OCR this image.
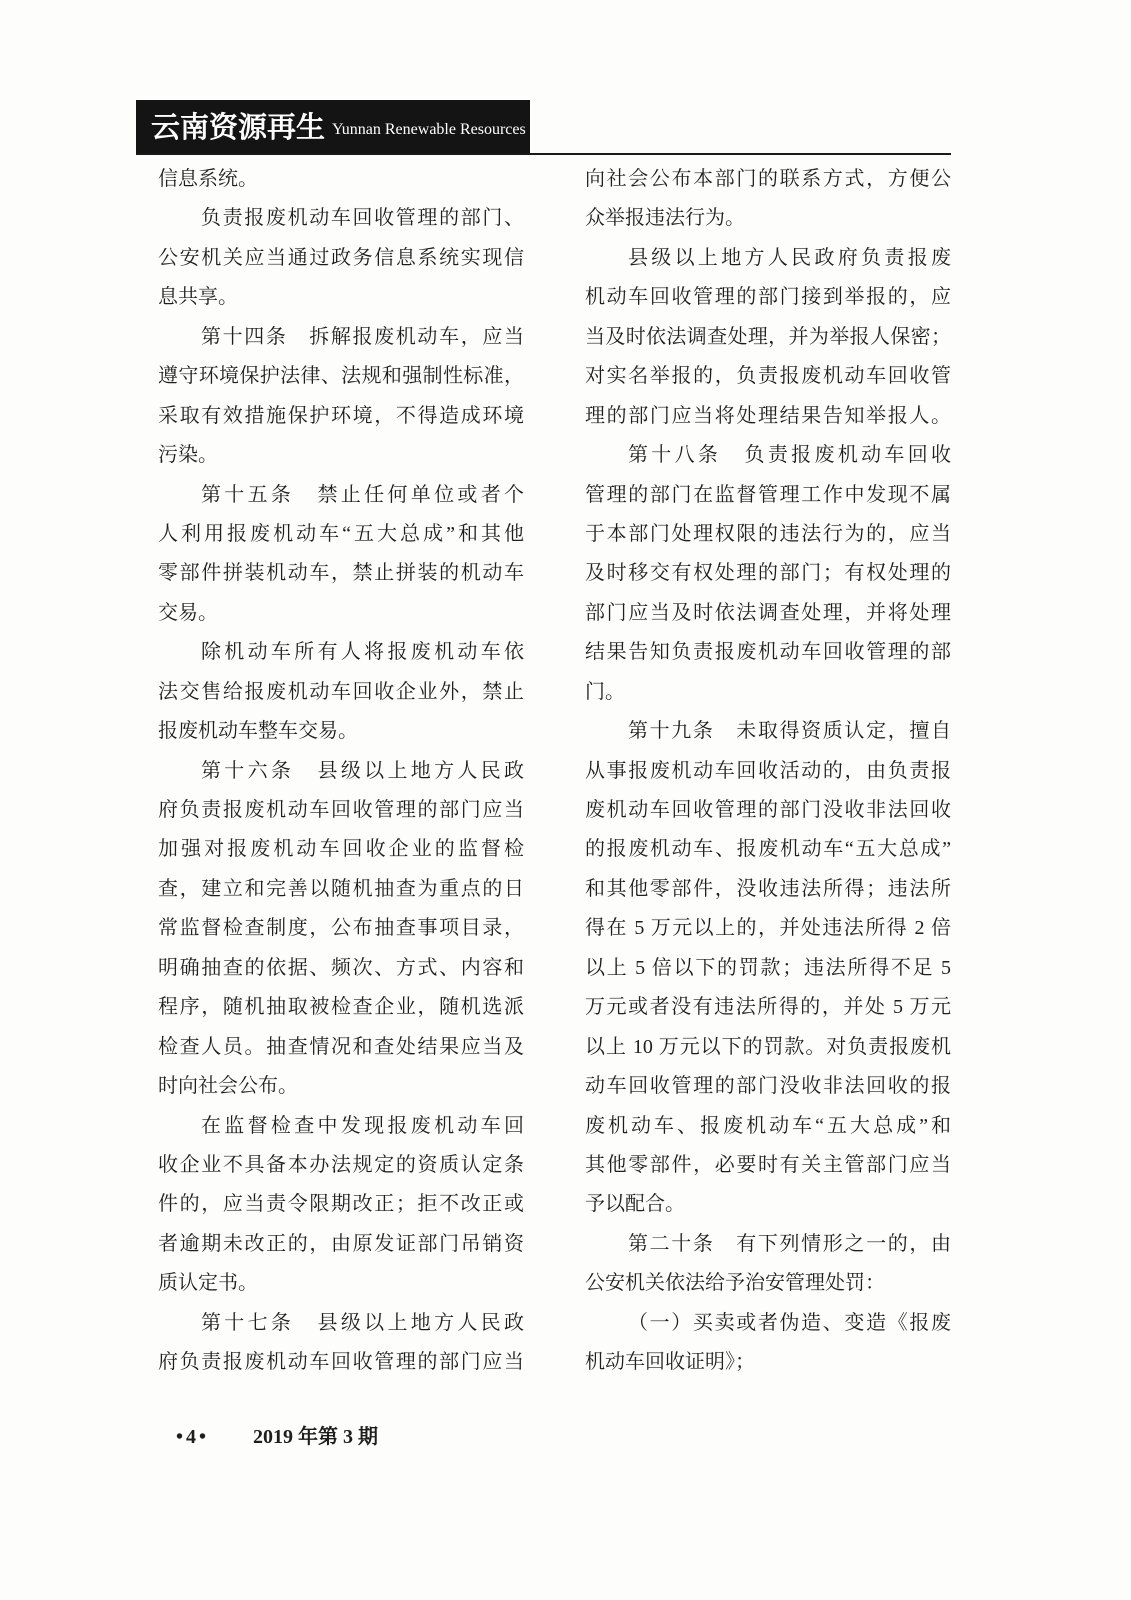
云南资源再生 Yunnan Renewable Resources
信息系统。
负责报废机动车回收管理的部门、
公安机关应当通过政务信息系统实现信
息共享。
第十四条　拆解报废机动车，应当
遵守环境保护法律、法规和强制性标准，
采取有效措施保护环境，不得造成环境
污染。
第十五条　禁止任何单位或者个
人利用报废机动车“五大总成”和其他
零部件拼装机动车，禁止拼装的机动车
交易。
除机动车所有人将报废机动车依
法交售给报废机动车回收企业外，禁止
报废机动车整车交易。
第十六条　县级以上地方人民政
府负责报废机动车回收管理的部门应当
加强对报废机动车回收企业的监督检
查，建立和完善以随机抽查为重点的日
常监督检查制度，公布抽查事项目录，
明确抽查的依据、频次、方式、内容和
程序，随机抽取被检查企业，随机选派
检查人员。抽查情况和查处结果应当及
时向社会公布。
在监督检查中发现报废机动车回
收企业不具备本办法规定的资质认定条
件的，应当责令限期改正；拒不改正或
者逾期未改正的，由原发证部门吊销资
质认定书。
第十七条　县级以上地方人民政
府负责报废机动车回收管理的部门应当
向社会公布本部门的联系方式，方便公
众举报违法行为。
县级以上地方人民政府负责报废
机动车回收管理的部门接到举报的，应
当及时依法调查处理，并为举报人保密；
对实名举报的，负责报废机动车回收管
理的部门应当将处理结果告知举报人。
第十八条　负责报废机动车回收
管理的部门在监督管理工作中发现不属
于本部门处理权限的违法行为的，应当
及时移交有权处理的部门；有权处理的
部门应当及时依法调查处理，并将处理
结果告知负责报废机动车回收管理的部
门。
第十九条　未取得资质认定，擅自
从事报废机动车回收活动的，由负责报
废机动车回收管理的部门没收非法回收
的报废机动车、报废机动车“五大总成”
和其他零部件，没收违法所得；违法所
得在 5 万元以上的，并处违法所得 2 倍
以上 5 倍以下的罚款；违法所得不足 5
万元或者没有违法所得的，并处 5 万元
以上 10 万元以下的罚款。对负责报废机
动车回收管理的部门没收非法回收的报
废机动车、报废机动车“五大总成”和
其他零部件，必要时有关主管部门应当
予以配合。
第二十条　有下列情形之一的，由
公安机关依法给予治安管理处罚：
（一）买卖或者伪造、变造《报废
机动车回收证明》；
•4• 2019 年第 3 期
